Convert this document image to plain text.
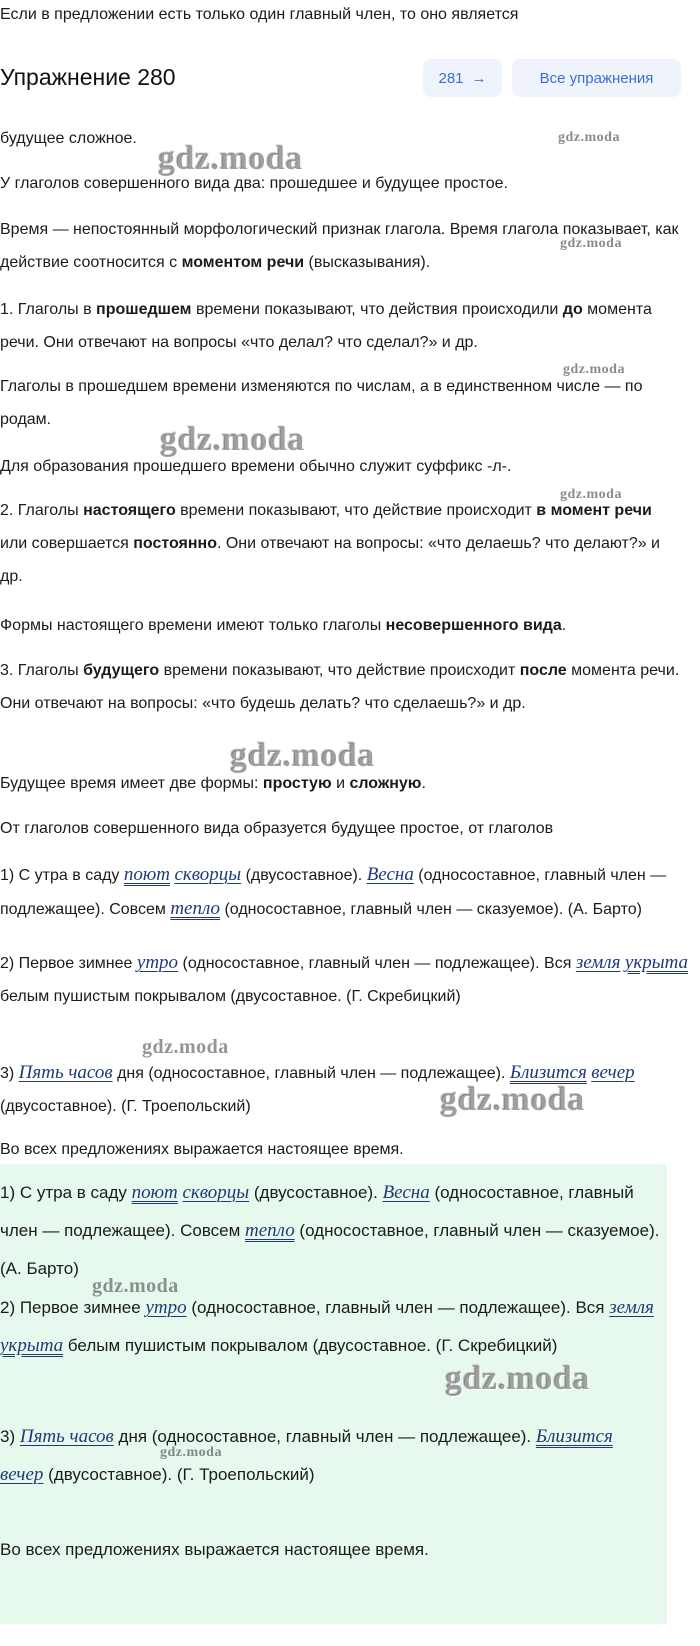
Если в предложении есть только один главный член, то оно является
Упражнение 280	281 →	Все упражнения

будущее сложное.

У глаголов совершенного вида два: прошедшее и будущее простое.

Время — непостоянный морфологический признак глагола. Время глагола показывает, как действие соотносится с моментом речи (высказывания).

1. Глаголы в прошедшем времени показывают, что действия происходили до момента речи. Они отвечают на вопросы «что делал? что сделал?» и др.

Глаголы в прошедшем времени изменяются по числам, а в единственном числе — по родам.

Для образования прошедшего времени обычно служит суффикс -л-.

2. Глаголы настоящего времени показывают, что действие происходит в момент речи или совершается постоянно. Они отвечают на вопросы: «что делаешь? что делают?» и др.

Формы настоящего времени имеют только глаголы несовершенного вида.

3. Глаголы будущего времени показывают, что действие происходит после момента речи. Они отвечают на вопросы: «что будешь делать? что сделаешь?» и др.

Будущее время имеет две формы: простую и сложную.

От глаголов совершенного вида образуется будущее простое, от глаголов

1) С утра в саду поют скворцы (двусоставное). Весна (односоставное, главный член — подлежащее). Совсем тепло (односоставное, главный член — сказуемое). (А. Барто)

2) Первое зимнее утро (односоставное, главный член — подлежащее). Вся земля укрыта белым пушистым покрывалом (двусоставное. (Г. Скребицкий)

3) Пять часов дня (односоставное, главный член — подлежащее). Близится вечер (двусоставное). (Г. Троепольский)

Во всех предложениях выражается настоящее время.

1) С утра в саду поют скворцы (двусоставное). Весна (односоставное, главный член — подлежащее). Совсем тепло (односоставное, главный член — сказуемое). (А. Барто)

2) Первое зимнее утро (односоставное, главный член — подлежащее). Вся земля укрыта белым пушистым покрывалом (двусоставное. (Г. Скребицкий)

3) Пять часов дня (односоставное, главный член — подлежащее). Близится вечер (двусоставное). (Г. Троепольский)

Во всех предложениях выражается настоящее время.

gdz.moda
gdz.moda
gdz.moda
gdz.moda
gdz.moda
gdz.moda
gdz.moda
gdz.moda
gdz.moda
gdz.moda
gdz.moda
gdz.moda
